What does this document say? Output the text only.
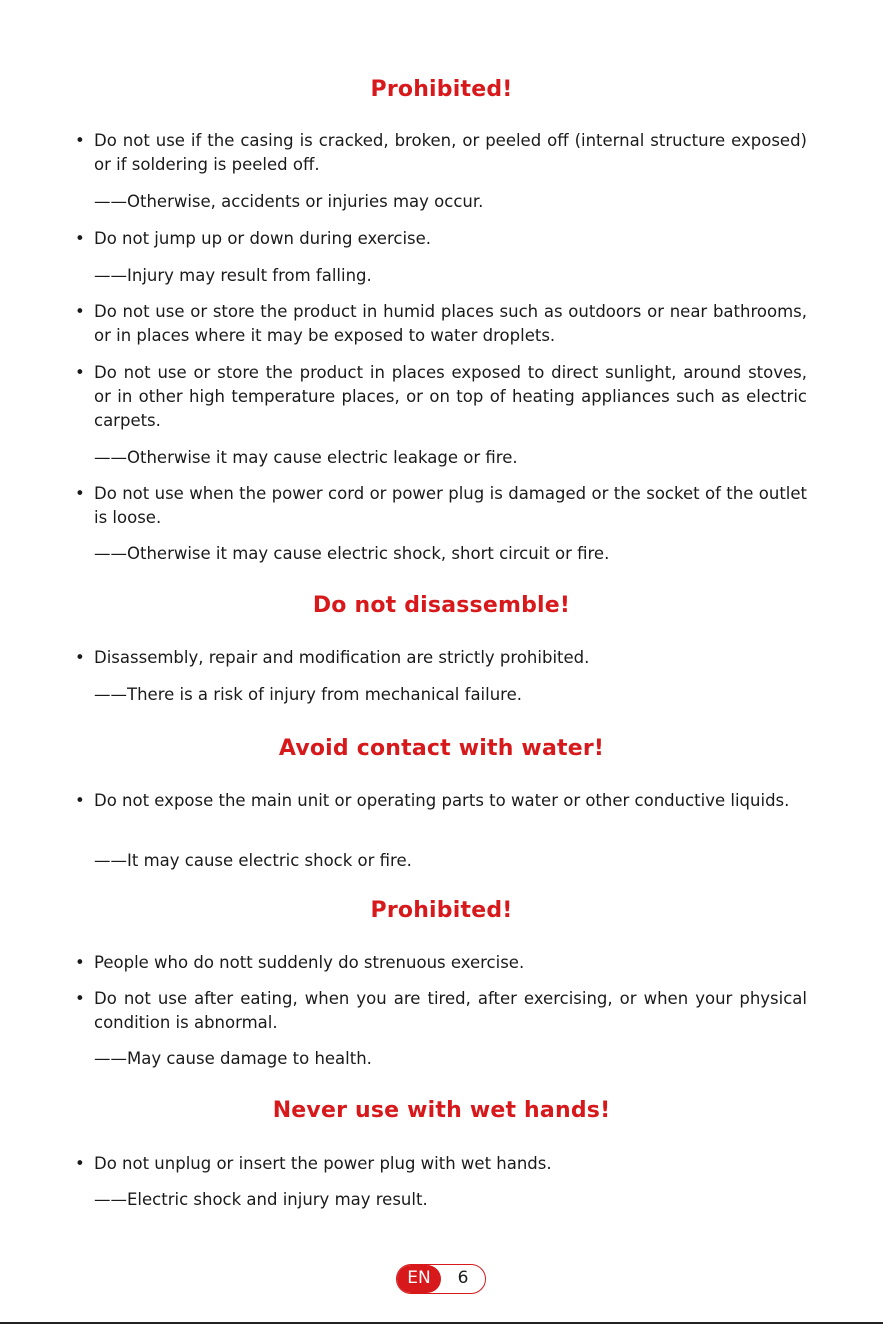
Prohibited!
• Do not use if the casing is cracked, broken, or peeled off (internal structure exposed) or if soldering is peeled off.
——Otherwise, accidents or injuries may occur.
• Do not jump up or down during exercise.
——Injury may result from falling.
• Do not use or store the product in humid places such as outdoors or near bathrooms, or in places where it may be exposed to water droplets.
• Do not use or store the product in places exposed to direct sunlight, around stoves, or in other high temperature places, or on top of heating appliances such as electric carpets.
——Otherwise it may cause electric leakage or fire.
• Do not use when the power cord or power plug is damaged or the socket of the outlet is loose.
——Otherwise it may cause electric shock, short circuit or fire.
Do not disassemble!
• Disassembly, repair and modification are strictly prohibited.
——There is a risk of injury from mechanical failure.
Avoid contact with water!
• Do not expose the main unit or operating parts to water or other conductive liquids.
——It may cause electric shock or fire.
Prohibited!
• People who do nott suddenly do strenuous exercise.
• Do not use after eating, when you are tired, after exercising, or when your physical condition is abnormal.
——May cause damage to health.
Never use with wet hands!
• Do not unplug or insert the power plug with wet hands.
——Electric shock and injury may result.
EN	6
